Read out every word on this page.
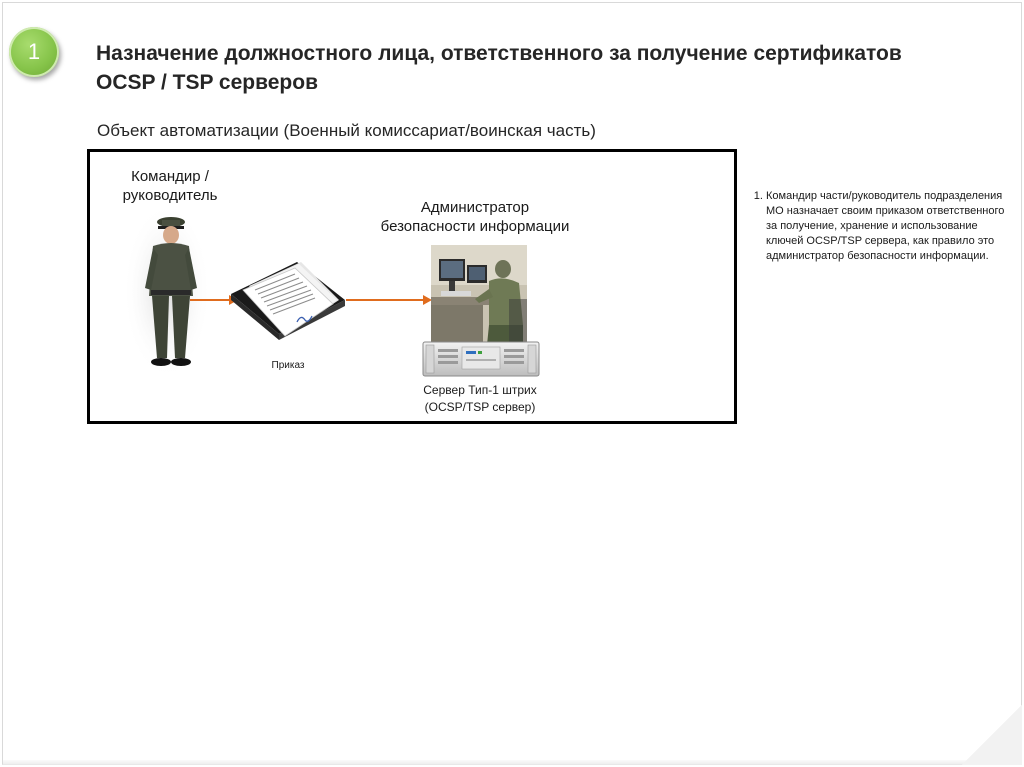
1	Назначение должностного лица, ответственного за получение сертификатов
OCSP / TSP серверов
Объект автоматизации (Военный комиссариат/воинская часть)
Командир /
руководитель
Приказ
Администратор
безопасности информации
Сервер Тип-1 штрих
(OCSP/TSP сервер)
1. Командир части/руководитель подразделения МО назначает своим приказом ответственного за получение, хранение и использование ключей OCSP/TSP сервера, как правило это администратор безопасности информации.
